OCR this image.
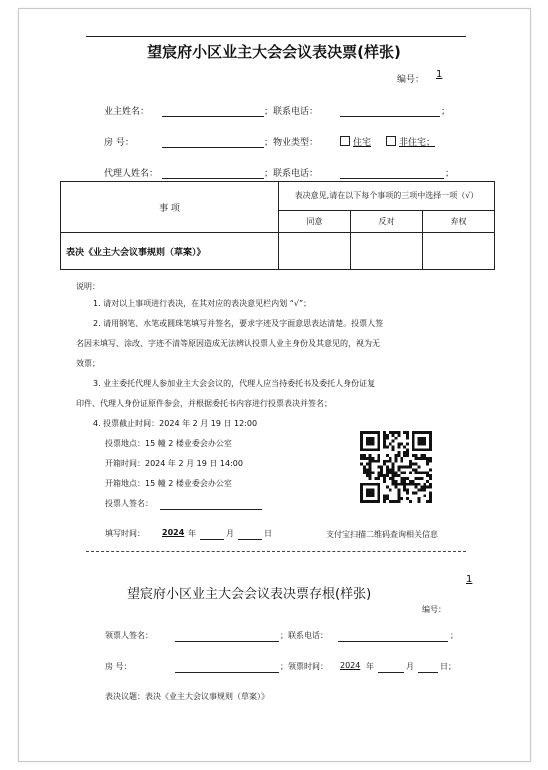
望宸府小区业主大会会议表决票(样张)
编号： 1
业主姓名：	；联系电话：	；
房 号：	；物业类型：	住宅	非住宅；
代理人姓名：	；联系电话：	；
事 项	表决意见,请在以下每个事项的三项中选择一项（√）		
	同意	反对	弃权
表决《业主大会议事规则（草案）》			
说明：
1. 请对以上事项进行表决，在其对应的表决意见栏内划 “√”；
2. 请用钢笔、水笔或圆珠笔填写并签名，要求字迹及字面意思表达清楚。投票人签
名因未填写、涂改、字迹不清等原因造成无法辨认投票人业主身份及其意见的，视为无
效票；
3. 业主委托代理人参加业主大会会议的，代理人应当持委托书及委托人身份证复
印件、代理人身份证原件参会，并根据委托书内容进行投票表决并签名；
4. 投票截止时间：2024 年 2 月 19 日 12:00
投票地点：15 幢 2 楼业委会办公室
开箱时间：2024 年 2 月 19 日 14:00
开箱地点：15 幢 2 楼业委会办公室
投票人签名：
填写时间： 2024 年	月	日	支付宝扫描二维码查询相关信息
望宸府小区业主大会会议表决票存根(样张)
1
编号：
领票人签名：	；联系电话：	；
房 号：	；领票时间： 2024 年	月	日；
表决议题：表决《业主大会议事规则（草案）》
